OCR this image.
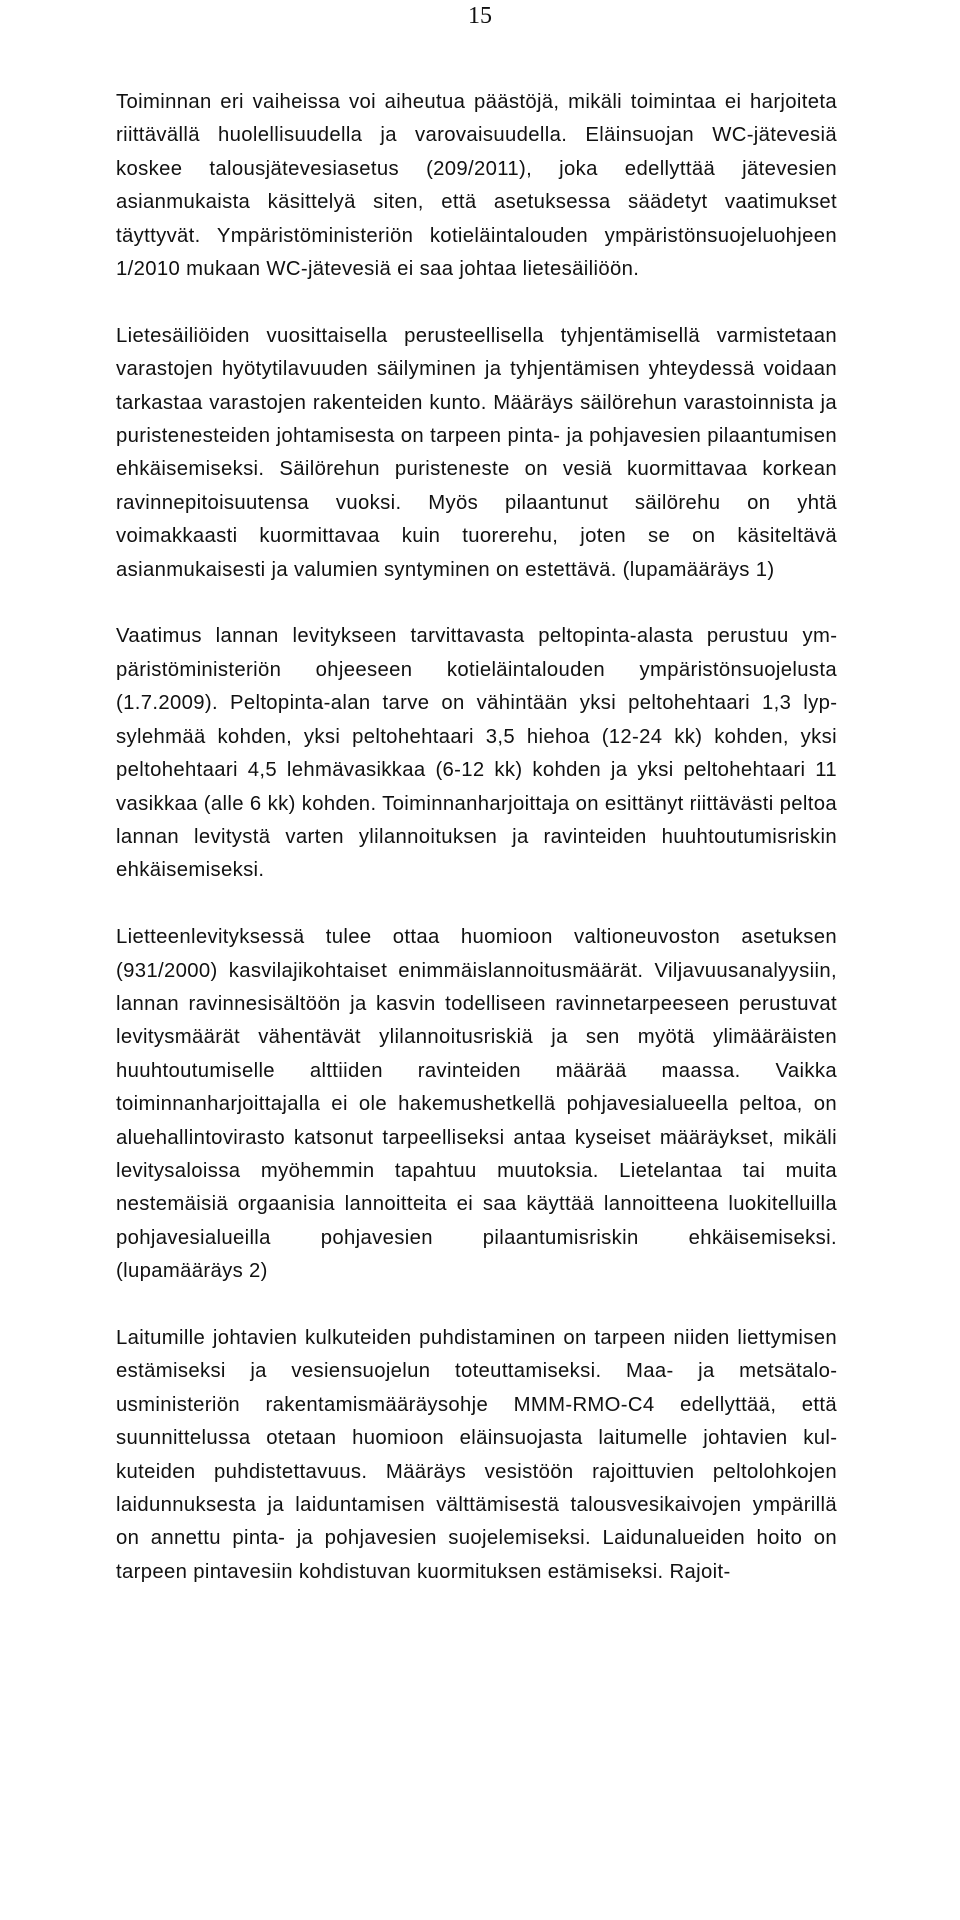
15

Toiminnan eri vaiheissa voi aiheutua päästöjä, mikäli toimintaa ei harjoiteta riittävällä huolellisuudella ja varovaisuudella. Eläinsuojan WC-jätevesiä koskee talousjätevesiasetus (209/2011), joka edellyttää jätevesien asianmukaista käsittelyä siten, että asetuksessa säädetyt vaatimukset täyttyvät. Ympäristöministeriön kotieläintalouden ympäristönsuojeluohjeen 1/2010 mukaan WC-jätevesiä ei saa johtaa lietesäiliöön.

Lietesäiliöiden vuosittaisella perusteellisella tyhjentämisellä varmistetaan varastojen hyötytilavuuden säilyminen ja tyhjentämisen yhteydessä voidaan tarkastaa varastojen rakenteiden kunto. Määräys säilörehun varastoinnista ja puristenesteiden johtamisesta on tarpeen pinta- ja pohjavesien pilaantumisen ehkäisemiseksi. Säilörehun puristeneste on vesiä kuormittavaa korkean ravinnepitoisuutensa vuoksi. Myös pilaantunut säilörehu on yhtä voimakkaasti kuormittavaa kuin tuorerehu, joten se on käsiteltävä asianmukaisesti ja valumien syntyminen on estettävä. (lupamääräys 1)

Vaatimus lannan levitykseen tarvittavasta peltopinta-alasta perustuu ympäristöministeriön ohjeeseen kotieläintalouden ympäristönsuojelusta (1.7.2009). Peltopinta-alan tarve on vähintään yksi peltohehtaari 1,3 lypsylehmää kohden, yksi peltohehtaari 3,5 hiehoa (12-24 kk) kohden, yksi peltohehtaari 4,5 lehmävasikkaa (6-12 kk) kohden ja yksi peltohehtaari 11 vasikkaa (alle 6 kk) kohden. Toiminnanharjoittaja on esittänyt riittävästi peltoa lannan levitystä varten ylilannoituksen ja ravinteiden huuhtoutumisriskin ehkäisemiseksi.

Lietteenlevityksessä tulee ottaa huomioon valtioneuvoston asetuksen (931/2000) kasvilajikohtaiset enimmäislannoitusmäärät. Viljavuusanalyysiin, lannan ravinnesisältöön ja kasvin todelliseen ravinnetarpeeseen perustuvat levitysmäärät vähentävät ylilannoitusriskiä ja sen myötä ylimääräisten huuhtoutumiselle alttiiden ravinteiden määrää maassa. Vaikka toiminnanharjoittajalla ei ole hakemushetkellä pohjavesialueella peltoa, on aluehallintovirasto katsonut tarpeelliseksi antaa kyseiset määräykset, mikäli levitysaloissa myöhemmin tapahtuu muutoksia. Lietelantaa tai muita nestemäisiä orgaanisia lannoitteita ei saa käyttää lannoitteena luokitelluilla pohjavesialueilla pohjavesien pilaantumisriskin ehkäisemiseksi. (lupamääräys 2)

Laitumille johtavien kulkuteiden puhdistaminen on tarpeen niiden liettymisen estämiseksi ja vesiensuojelun toteuttamiseksi. Maa- ja metsätalousministeriön rakentamismääräysohje MMM-RMO-C4 edellyttää, että suunnittelussa otetaan huomioon eläinsuojasta laitumelle johtavien kulkuteiden puhdistettavuus. Määräys vesistöön rajoittuvien peltolohkojen laidunnuksesta ja laiduntamisen välttämisestä talousvesikaivojen ympärillä on annettu pinta- ja pohjavesien suojelemiseksi. Laidunalueiden hoito on tarpeen pintavesiin kohdistuvan kuormituksen estämiseksi. Rajoit-
